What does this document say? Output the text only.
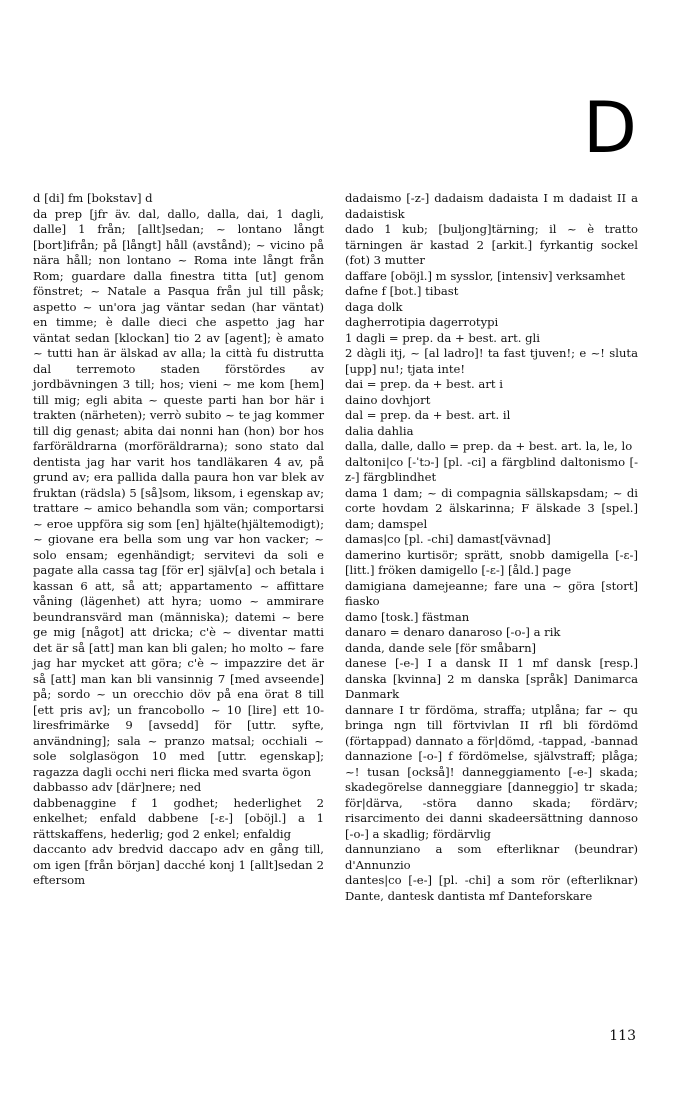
D

d [di] fm [bokstav] d

da prep [jfr äv. dal, dallo, dalla, dai, 1 dagli, dalle] 1 från; [allt]sedan; ~ lontano långt [bort]ifrån; på [långt] håll (avstånd); ~ vicino på nära håll; non lontano ~ Roma inte långt från Rom; guardare dalla finestra titta [ut] genom fönstret; ~ Natale a Pasqua från jul till påsk; aspetto ~ un'ora jag väntar sedan (har väntat) en timme; è dalle dieci che aspetto jag har väntat sedan [klockan] tio 2 av [agent]; è amato ~ tutti han är älskad av alla; la città fu distrutta dal terremoto staden förstördes av jordbävningen 3 till; hos; vieni ~ me kom [hem] till mig; egli abita ~ queste parti han bor här i trakten (närheten); verrò subito ~ te jag kommer till dig genast; abita dai nonni han (hon) bor hos farföräldrarna (morföräldrarna); sono stato dal dentista jag har varit hos tandläkaren 4 av, på grund av; era pallida dalla paura hon var blek av fruktan (rädsla) 5 [så]som, liksom, i egenskap av; trattare ~ amico behandla som vän; comportarsi ~ eroe uppföra sig som [en] hjälte(hjältemodigt); ~ giovane era bella som ung var hon vacker; ~ solo ensam; egenhändigt; servitevi da soli e pagate alla cassa tag [för er] själv[a] och betala i kassan 6 att, så att; appartamento ~ affittare våning (lägenhet) att hyra; uomo ~ ammirare beundransvärd man (människa); datemi ~ bere ge mig [något] att dricka; c'è ~ diventar matti det är så [att] man kan bli galen; ho molto ~ fare jag har mycket att göra; c'è ~ impazzire det är så [att] man kan bli vansinnig 7 [med avseende] på; sordo ~ un orecchio döv på ena örat 8 till [ett pris av]; un francobollo ~ 10 [lire] ett 10-liresfrimärke 9 [avsedd] för [uttr. syfte, användning]; sala ~ pranzo matsal; occhiali ~ sole solglasögon 10 med [uttr. egenskap]; ragazza dagli occhi neri flicka med svarta ögon

dabbasso adv [där]nere; ned

dabbenaggine f 1 godhet; hederlighet 2 enkelhet; enfald dabbene [-ɛ-] [oböjl.] a 1 rättskaffens, hederlig; god 2 enkel; enfaldig

daccanto adv bredvid daccapo adv en gång till, om igen [från början] dacché konj 1 [allt]sedan 2 eftersom

dadaismo [-z-] dadaism dadaista I m dadaist II a dadaistisk

dado 1 kub; [buljong]tärning; il ~ è tratto tärningen är kastad 2 [arkit.] fyrkantig sockel (fot) 3 mutter

daffare [oböjl.] m sysslor, [intensiv] verksamhet

dafne f [bot.] tibast

daga dolk

dagherrotipia dagerrotypi

1 dagli = prep. da + best. art. gli

2 dàgli itj, ~ [al ladro]! ta fast tjuven!; e ~! sluta [upp] nu!; tjata inte!

dai = prep. da + best. art i

daino dovhjort

dal = prep. da + best. art. il

dalia dahlia

dalla, dalle, dallo = prep. da + best. art. la, le, lo

daltoni|co [-ˈtɔ-] [pl. -ci] a färgblind daltonismo [-z-] färgblindhet

dama 1 dam; ~ di compagnia sällskapsdam; ~ di corte hovdam 2 älskarinna; F älskade 3 [spel.] dam; damspel

damas|co [pl. -chi] damast[vävnad]

damerino kurtisör; sprätt, snobb damigella [-ɛ-] [litt.] fröken damigello [-ɛ-] [åld.] page

damigiana damejeanne; fare una ~ göra [stort] fiasko

damo [tosk.] fästman

danaro = denaro danaroso [-o-] a rik

danda, dande sele [för småbarn]

danese [-e-] I a dansk II 1 mf dansk [resp.] danska [kvinna] 2 m danska [språk] Danimarca Danmark

dannare I tr fördöma, straffa; utplåna; far ~ qu bringa ngn till förtvivlan II rfl bli fördömd (förtappad) dannato a för|dömd, -tappad, -bannad dannazione [-o-] f fördömelse, självstraff; plåga; ~! tusan [också]! danneggiamento [-e-] skada; skadegörelse danneggiare [danneggio] tr skada; för|därva, -störa danno skada; fördärv; risarcimento dei danni skadeersättning dannoso [-o-] a skadlig; fördärvlig

dannunziano a som efterliknar (beundrar) d'Annunzio

dantes|co [-e-] [pl. -chi] a som rör (efterliknar) Dante, dantesk dantista mf Danteforskare

113
